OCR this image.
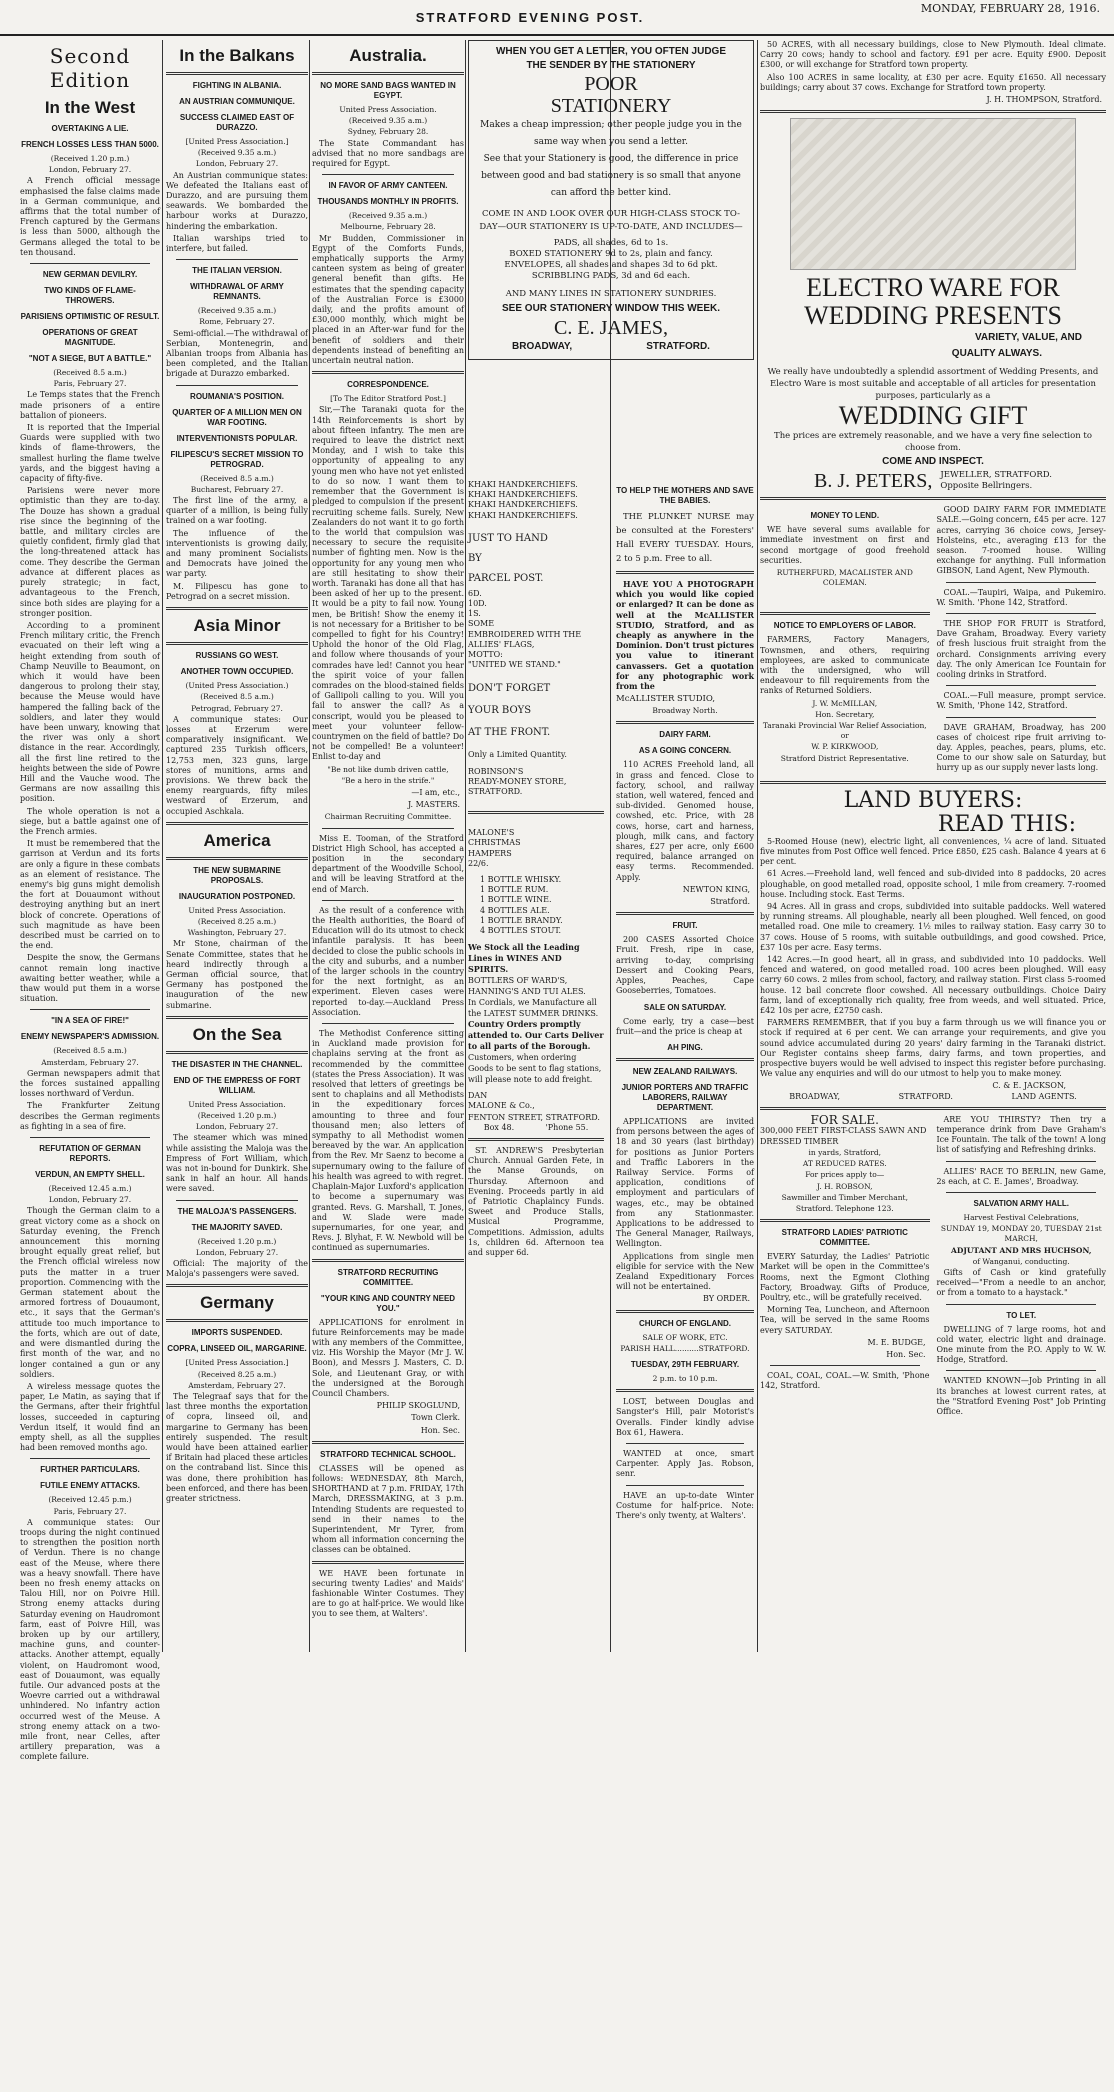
STRATFORD EVENING POST.
MONDAY, FEBRUARY 28, 1916.
Second Edition
In the West
OVERTAKING A LIE.
FRENCH LOSSES LESS THAN 5000.
(Received 1.20 p.m.)
London, February 27.

A French official message emphasised the false claims made in a German communique, and affirms that the total number of French captured by the Germans is less than 5000, although the Germans alleged the total to be ten thousand.

NEW GERMAN DEVILRY.
TWO KINDS OF FLAME-THROWERS.
PARISIENS OPTIMISTIC OF RESULT.
OPERATIONS OF GREAT MAGNITUDE.
"NOT A SIEGE, BUT A BATTLE."
(Received 8.5 a.m.)
Paris, February 27.

Le Temps states that the French made prisoners of a entire battalion of pioneers.

It is reported that the Imperial Guards were supplied with two kinds of flame-throwers, the smallest hurling the flame twelve yards, and the biggest having a capacity of fifty-five.

Parisiens were never more optimistic than they are to-day. The Douze has shown a gradual rise since the beginning of the battle, and military circles are quietly confident, firmly glad that the long-threatened attack has come. They describe the German advance at different places as purely strategic; in fact, advantageous to the French, since both sides are playing for a stronger position.

According to a prominent French military critic, the French evacuated on their left wing a height extending from south of Champ Neuville to Beaumont, on which it would have been dangerous to prolong their stay, because the Meuse would have hampered the falling back of the soldiers, and later they would have been unwary, knowing that the river was only a short distance in the rear. Accordingly, all the first line retired to the heights between the side of Powre Hill and the Vauche wood. The Germans are now assailing this position.

The whole operation is not a siege, but a battle against one of the French armies.

It must be remembered that the garrison at Verdun and its forts are only a figure in these combats as an element of resistance. The enemy's big guns might demolish the fort at Douaumont without destroying anything but an inert block of concrete. Operations of such magnitude as have been described must be carried on to the end.

Despite the snow, the Germans cannot remain long inactive awaiting better weather, while a thaw would put them in a worse situation.

"IN A SEA OF FIRE!"
ENEMY NEWSPAPER'S ADMISSION.
(Received 8.5 a.m.)
Amsterdam, February 27.

German newspapers admit that the forces sustained appalling losses northward of Verdun.

The Frankfurter Zeitung describes the German regiments as fighting in a sea of fire.

REFUTATION OF GERMAN REPORTS.
VERDUN, AN EMPTY SHELL.
(Received 12.45 a.m.)
London, February 27.

Though the German claim to a great victory come as a shock on Saturday evening, the French announcement this morning brought equally great relief, but the French official wireless now puts the matter in a truer proportion. Commencing with the German statement about the armored fortress of Douaumont, etc., it says that the German's attitude too much importance to the forts, which are out of date, and were dismantled during the first month of the war, and no longer contained a gun or any soldiers.

A wireless message quotes the paper, Le Matin, as saying that if the Germans, after their frightful losses, succeeded in capturing Verdun itself, it would find an empty shell, as all the supplies had been removed months ago.

FURTHER PARTICULARS.
FUTILE ENEMY ATTACKS.
(Received 12.45 p.m.)
Paris, February 27.

A communique states: Our troops during the night continued to strengthen the position north of Verdun. There is no change east of the Meuse, where there was a heavy snowfall. There have been no fresh enemy attacks on Talou Hill, nor on Poivre Hill. Strong enemy attacks during Saturday evening on Haudromont farm, east of Poivre Hill, was broken up by our artillery, machine guns, and counter-attacks. Another attempt, equally violent, on Haudromont wood, east of Douaumont, was equally futile. Our advanced posts at the Woevre carried out a withdrawal unhindered. No infantry action occurred west of the Meuse. A strong enemy attack on a two-mile front, near Celles, after artillery preparation, was a complete failure.

In the Balkans
FIGHTING IN ALBANIA.
AN AUSTRIAN COMMUNIQUE.
SUCCESS CLAIMED EAST OF DURAZZO.
[United Press Association.]
(Received 9.35 a.m.)
London, February 27.

An Austrian communique states: We defeated the Italians east of Durazzo, and are pursuing them seawards. We bombarded the harbour works at Durazzo, hindering the embarkation.

Italian warships tried to interfere, but failed.

THE ITALIAN VERSION.
WITHDRAWAL OF ARMY REMNANTS.
(Received 9.35 a.m.)
Rome, February 27.

Semi-official.—The withdrawal of Serbian, Montenegrin, and Albanian troops from Albania has been completed, and the Italian brigade at Durazzo embarked.

ROUMANIA'S POSITION.
QUARTER OF A MILLION MEN ON WAR FOOTING.
INTERVENTIONISTS POPULAR.
FILIPESCU'S SECRET MISSION TO PETROGRAD.
(Received 8.5 a.m.)
Bucharest, February 27.

The first line of the army, a quarter of a million, is being fully trained on a war footing.

The influence of the interventionists is growing daily, and many prominent Socialists and Democrats have joined the war party.

M. Filipescu has gone to Petrograd on a secret mission.

Asia Minor
RUSSIANS GO WEST.
ANOTHER TOWN OCCUPIED.
(United Press Association.)
(Received 8.5 a.m.)
Petrograd, February 27.

A communique states: Our losses at Erzerum were comparatively insignificant. We captured 235 Turkish officers, 12,753 men, 323 guns, large stores of munitions, arms and provisions. We threw back the enemy rearguards, fifty miles westward of Erzerum, and occupied Aschkala.

America
THE NEW SUBMARINE PROPOSALS.
INAUGURATION POSTPONED.
United Press Association.
(Received 8.25 a.m.)
Washington, February 27.

Mr Stone, chairman of the Senate Committee, states that he heard indirectly through a German official source, that Germany has postponed the inauguration of the new submarine.

On the Sea
THE DISASTER IN THE CHANNEL.
END OF THE EMPRESS OF FORT WILLIAM.
United Press Association.
(Received 1.20 p.m.)
London, February 27.

The steamer which was mined while assisting the Maloja was the Empress of Fort William, which was not in-bound for Dunkirk. She sank in half an hour. All hands were saved.

THE MALOJA'S PASSENGERS.
THE MAJORITY SAVED.
(Received 1.20 p.m.)
London, February 27.

Official: The majority of the Maloja's passengers were saved.

Germany
IMPORTS SUSPENDED.
COPRA, LINSEED OIL, MARGARINE.
[United Press Association.]
(Received 8.25 a.m.)
Amsterdam, February 27.

The Telegraaf says that for the last three months the exportation of copra, linseed oil, and margarine to Germany has been entirely suspended. The result would have been attained earlier if Britain had placed these articles on the contraband list. Since this was done, there prohibition has been enforced, and there has been greater strictness.

Australia.
NO MORE SAND BAGS WANTED IN EGYPT.
United Press Association.
(Received 9.35 a.m.)
Sydney, February 28.

The State Commandant has advised that no more sandbags are required for Egypt.

IN FAVOR OF ARMY CANTEEN.
THOUSANDS MONTHLY IN PROFITS.
(Received 9.35 a.m.)
Melbourne, February 28.

Mr Budden, Commissioner in Egypt of the Comforts Funds, emphatically supports the Army canteen system as being of greater general benefit than gifts. He estimates that the spending capacity of the Australian Force is £3000 daily, and the profits amount of £30,000 monthly, which might be placed in an After-war fund for the benefit of soldiers and their dependents instead of benefiting an uncertain neutral nation.

CORRESPONDENCE.
[To The Editor Stratford Post.]

Sir,—The Taranaki quota for the 14th Reinforcements is short by about fifteen infantry. The men are required to leave the district next Monday, and I wish to take this opportunity of appealing to any young men who have not yet enlisted to do so now. I want them to remember that the Government is pledged to compulsion if the present recruiting scheme fails. Surely, New Zealanders do not want it to go forth to the world that compulsion was necessary to secure the requisite number of fighting men. Now is the opportunity for any young men who are still hesitating to show their worth. Taranaki has done all that has been asked of her up to the present. It would be a pity to fail now. Young men, be British! Show the enemy it is not necessary for a Britisher to be compelled to fight for his Country! Uphold the honor of the Old Flag, and follow where thousands of your comrades have led! Cannot you hear the spirit voice of your fallen comrades on the blood-stained fields of Gallipoli calling to you. Will you fail to answer the call? As a conscript, would you be pleased to meet your volunteer fellow-countrymen on the field of battle? Do not be compelled! Be a volunteer! Enlist to-day and

"Be not like dumb driven cattle,
"Be a hero in the strife."
—I am, etc.,
J. MASTERS.
Chairman Recruiting Committee.

Miss E. Tooman, of the Stratford District High School, has accepted a position in the secondary department of the Woodville School, and will be leaving Stratford at the end of March.

As the result of a conference with the Health authorities, the Board of Education will do its utmost to check infantile paralysis. It has been decided to close the public schools in the city and suburbs, and a number of the larger schools in the country for the next fortnight, as an experiment. Eleven cases were reported to-day.—Auckland Press Association.

The Methodist Conference sitting in Auckland made provision for chaplains serving at the front as recommended by the committee (states the Press Association). It was resolved that letters of greetings be sent to chaplains and all Methodists in the expeditionary forces amounting to three and four thousand men; also letters of sympathy to all Methodist women bereaved by the war. An application from the Rev. Mr Saenz to become a supernumary owing to the failure of his health was agreed to with regret. Chaplain-Major Luxford's application to become a supernumary was granted. Revs. G. Marshall, T. Jones, and W. Slade were made supernumaries, for one year, and Revs. J. Blyhat, F. W. Newbold will be continued as supernumaries.

STRATFORD RECRUITING COMMITTEE.
"YOUR KING AND COUNTRY NEED YOU."

APPLICATIONS for enrolment in future Reinforcements may be made with any members of the Committee, viz. His Worship the Mayor (Mr J. W. Boon), and Messrs J. Masters, C. D. Sole, and Lieutenant Gray, or with the undersigned at the Borough Council Chambers.

PHILIP SKOGLUND,
Town Clerk.
Hon. Sec.
STRATFORD TECHNICAL SCHOOL.

CLASSES will be opened as follows: WEDNESDAY, 8th March, SHORTHAND at 7 p.m. FRIDAY, 17th March, DRESSMAKING, at 3 p.m. Intending Students are requested to send in their names to the Superintendent, Mr Tyrer, from whom all information concerning the classes can be obtained.

WE HAVE been fortunate in securing twenty Ladies' and Maids' fashionable Winter Costumes. They are to go at half-price. We would like you to see them, at Walters'.

WHEN YOU GET A LETTER, YOU OFTEN JUDGE
THE SENDER BY THE STATIONERY
POOR
STATIONERY
Makes a cheap impression; other people judge you in the same way when you send a letter.
See that your Stationery is good, the difference in price between good and bad stationery is so small that anyone can afford the better kind.
COME IN AND LOOK OVER OUR HIGH-CLASS STOCK TO-DAY—OUR STATIONERY IS UP-TO-DATE, AND INCLUDES—
PADS, all shades, 6d to 1s.
BOXED STATIONERY 9d to 2s, plain and fancy.
ENVELOPES, all shades and shapes 3d to 6d pkt.
SCRIBBLING PADS, 3d and 6d each.
AND MANY LINES IN STATIONERY SUNDRIES.
SEE OUR STATIONERY WINDOW THIS WEEK.
C. E. JAMES,
BROADWAY,	STRATFORD.
KHAKI HANDKERCHIEFS.
KHAKI HANDKERCHIEFS.
KHAKI HANDKERCHIEFS.
KHAKI HANDKERCHIEFS.
JUST TO HAND
BY
PARCEL POST.
6D.
10D.
1S.
SOME
EMBROIDERED WITH THE
ALLIES' FLAGS,
MOTTO:
"UNITED WE STAND."
DON'T FORGET
YOUR BOYS
AT THE FRONT.
Only a Limited Quantity.
ROBINSON'S
READY-MONEY STORE,
STRATFORD.
MALONE'S
CHRISTMAS
HAMPERS
22/6.
1 BOTTLE WHISKY.
1 BOTTLE RUM.
1 BOTTLE WINE.
4 BOTTLES ALE.
1 BOTTLE BRANDY.
4 BOTTLES STOUT.
We Stock all the Leading Lines in WINES AND SPIRITS.
BOTTLERS OF WARD'S, HANNING'S AND TUI ALES.
In Cordials, we Manufacture all the LATEST SUMMER DRINKS.
Country Orders promptly attended to. Our Carts Deliver to all parts of the Borough.
Customers, when ordering Goods to be sent to flag stations, will please note to add freight.
DAN
MALONE & Co.,
FENTON STREET, STRATFORD.
Box 48.	'Phone 55.

ST. ANDREW'S Presbyterian Church. Annual Garden Fete, in the Manse Grounds, on Thursday. Afternoon and Evening. Proceeds partly in aid of Patriotic Chaplaincy Funds. Sweet and Produce Stalls, Musical Programme, Competitions. Admission, adults 1s, children 6d. Afternoon tea and supper 6d.

TO HELP THE MOTHERS AND SAVE THE BABIES.

THE PLUNKET NURSE may be consulted at the Foresters' Hall EVERY TUESDAY. Hours, 2 to 5 p.m. Free to all.

HAVE YOU A PHOTOGRAPH which you would like copied or enlarged? It can be done as well at the McALLISTER STUDIO, Stratford, and as cheaply as anywhere in the Dominion. Don't trust pictures you value to itinerant canvassers. Get a quotation for any photographic work from the

McALLISTER STUDIO,
Broadway North.
DAIRY FARM.
AS A GOING CONCERN.

110 ACRES Freehold land, all in grass and fenced. Close to factory, school, and railway station, well watered, fenced and sub-divided. Genomed house, cowshed, etc. Price, with 28 cows, horse, cart and harness, plough, milk cans, and factory shares, £27 per acre, only £600 required, balance arranged on easy terms. Recommended. Apply.

NEWTON KING,
Stratford.
FRUIT.

200 CASES Assorted Choice Fruit. Fresh, ripe in case, arriving to-day, comprising Dessert and Cooking Pears, Apples, Peaches, Cape Gooseberries, Tomatoes.

SALE ON SATURDAY.

Come early, try a case—best fruit—and the price is cheap at

AH PING.
NEW ZEALAND RAILWAYS.
JUNIOR PORTERS AND TRAFFIC LABORERS, RAILWAY DEPARTMENT.

APPLICATIONS are invited from persons between the ages of 18 and 30 years (last birthday) for positions as Junior Porters and Traffic Laborers in the Railway Service. Forms of application, conditions of employment and particulars of wages, etc., may be obtained from any Stationmaster. Applications to be addressed to The General Manager, Railways, Wellington.

Applications from single men eligible for service with the New Zealand Expeditionary Forces will not be entertained.

BY ORDER.
CHURCH OF ENGLAND.
SALE OF WORK, ETC.
PARISH HALL..........STRATFORD.
TUESDAY, 29TH FEBRUARY.
2 p.m. to 10 p.m.

LOST, between Douglas and Sangster's Hill, pair Motorist's Overalls. Finder kindly advise Box 61, Hawera.

WANTED at once, smart Carpenter. Apply Jas. Robson, senr.

HAVE an up-to-date Winter Costume for half-price. Note: There's only twenty, at Walters'.

50 ACRES, with all necessary buildings, close to New Plymouth. Ideal climate. Carry 20 cows; handy to school and factory. £91 per acre. Equity £900. Deposit £300, or will exchange for Stratford town property.

Also 100 ACRES in same locality, at £30 per acre. Equity £1650. All necessary buildings; carry about 37 cows. Exchange for Stratford town property.

J. H. THOMPSON, Stratford.
ELECTRO WARE FOR
WEDDING PRESENTS
VARIETY, VALUE, AND
QUALITY ALWAYS.
We really have undoubtedly a splendid assortment of Wedding Presents, and Electro Ware is most suitable and acceptable of all articles for presentation purposes, particularly as a
WEDDING GIFT
The prices are extremely reasonable, and we have a very fine selection to choose from.
COME AND INSPECT.
B. J. PETERS, JEWELLER, STRATFORD.
Opposite Bellringers.
MONEY TO LEND.

WE have several sums available for immediate investment on first and second mortgage of good freehold securities.

RUTHERFURD, MACALISTER AND COLEMAN.
NOTICE TO EMPLOYERS OF LABOR.

FARMERS, Factory Managers, Townsmen, and others, requiring employees, are asked to communicate with the undersigned, who will endeavour to fill requirements from the ranks of Returned Soldiers.

J. W. McMILLAN,
Hon. Secretary,
Taranaki Provincial War Relief Association, or
W. P. KIRKWOOD,
Stratford District Representative.

GOOD DAIRY FARM FOR IMMEDIATE SALE.—Going concern, £45 per acre. 127 acres, carrying 36 choice cows, Jersey-Holsteins, etc., averaging £13 for the season. 7-roomed house. Willing exchange for anything. Full information GIBSON, Land Agent, New Plymouth.

COAL.—Taupiri, Waipa, and Pukemiro. W. Smith. 'Phone 142, Stratford.

THE SHOP FOR FRUIT is Stratford, Dave Graham, Broadway. Every variety of fresh luscious fruit straight from the orchard. Consignments arriving every day. The only American Ice Fountain for cooling drinks in Stratford.

COAL.—Full measure, prompt service. W. Smith, 'Phone 142, Stratford.

DAVE GRAHAM, Broadway, has 200 cases of choicest ripe fruit arriving to-day. Apples, peaches, pears, plums, etc. Come to our show sale on Saturday, but hurry up as our supply never lasts long.

LAND BUYERS:
READ THIS:

5-Roomed House (new), electric light, all conveniences, ¼ acre of land. Situated five minutes from Post Office well fenced. Price £850, £25 cash. Balance 4 years at 6 per cent.

61 Acres.—Freehold land, well fenced and sub-divided into 8 paddocks, 20 acres ploughable, on good metalled road, opposite school, 1 mile from creamery. 7-roomed house. Including stock. East Terms.

94 Acres. All in grass and crops, subdivided into suitable paddocks. Well watered by running streams. All ploughable, nearly all been ploughed. Well fenced, on good metalled road. One mile to creamery. 1½ miles to railway station. Easy carry 30 to 37 cows. House of 5 rooms, with suitable outbuildings, and good cowshed. Price, £37 10s per acre. Easy terms.

142 Acres.—In good heart, all in grass, and subdivided into 10 paddocks. Well fenced and watered, on good metalled road. 100 acres been ploughed. Will easy carry 60 cows. 2 miles from school, factory, and railway station. First class 5-roomed house. 12 bail concrete floor cowshed. All necessary outbuildings. Choice Dairy farm, land of exceptionally rich quality, free from weeds, and well situated. Price, £42 10s per acre, £2750 cash.

FARMERS REMEMBER, that if you buy a farm through us we will finance you or stock if required at 6 per cent. We can arrange your requirements, and give you sound advice accumulated during 20 years' dairy farming in the Taranaki district. Our Register contains sheep farms, dairy farms, and town properties, and prospective buyers would be well advised to inspect this register before purchasing. We value any enquiries and will do our utmost to help you to make money.

C. & E. JACKSON,
BROADWAY,	STRATFORD.	LAND AGENTS.
FOR SALE.
300,000 FEET FIRST-CLASS SAWN AND DRESSED TIMBER
in yards, Stratford,
AT REDUCED RATES.
For prices apply to—
J. H. ROBSON,
Sawmiller and Timber Merchant,
Stratford. Telephone 123.
STRATFORD LADIES' PATRIOTIC COMMITTEE.

EVERY Saturday, the Ladies' Patriotic Market will be open in the Committee's Rooms, next the Egmont Clothing Factory, Broadway. Gifts of Produce, Poultry, etc., will be gratefully received.

Morning Tea, Luncheon, and Afternoon Tea, will be served in the same Rooms every SATURDAY.

M. E. BUDGE,
Hon. Sec.

COAL, COAL, COAL.—W. Smith, 'Phone 142, Stratford.

ARE YOU THIRSTY? Then try a temperance drink from Dave Graham's Ice Fountain. The talk of the town! A long list of satisfying and Refreshing drinks.

ALLIES' RACE TO BERLIN, new Game, 2s each, at C. E. James', Broadway.

SALVATION ARMY HALL.
Harvest Festival Celebrations,
SUNDAY 19, MONDAY 20, TUESDAY 21st MARCH,
ADJUTANT AND MRS HUCHSON,
of Wanganui, conducting.

Gifts of Cash or kind gratefully received—"From a needle to an anchor, or from a tomato to a haystack."

TO LET.

DWELLING of 7 large rooms, hot and cold water, electric light and drainage. One minute from the P.O. Apply to W. W. Hodge, Stratford.

WANTED KNOWN—Job Printing in all its branches at lowest current rates, at the "Stratford Evening Post" Job Printing Office.
